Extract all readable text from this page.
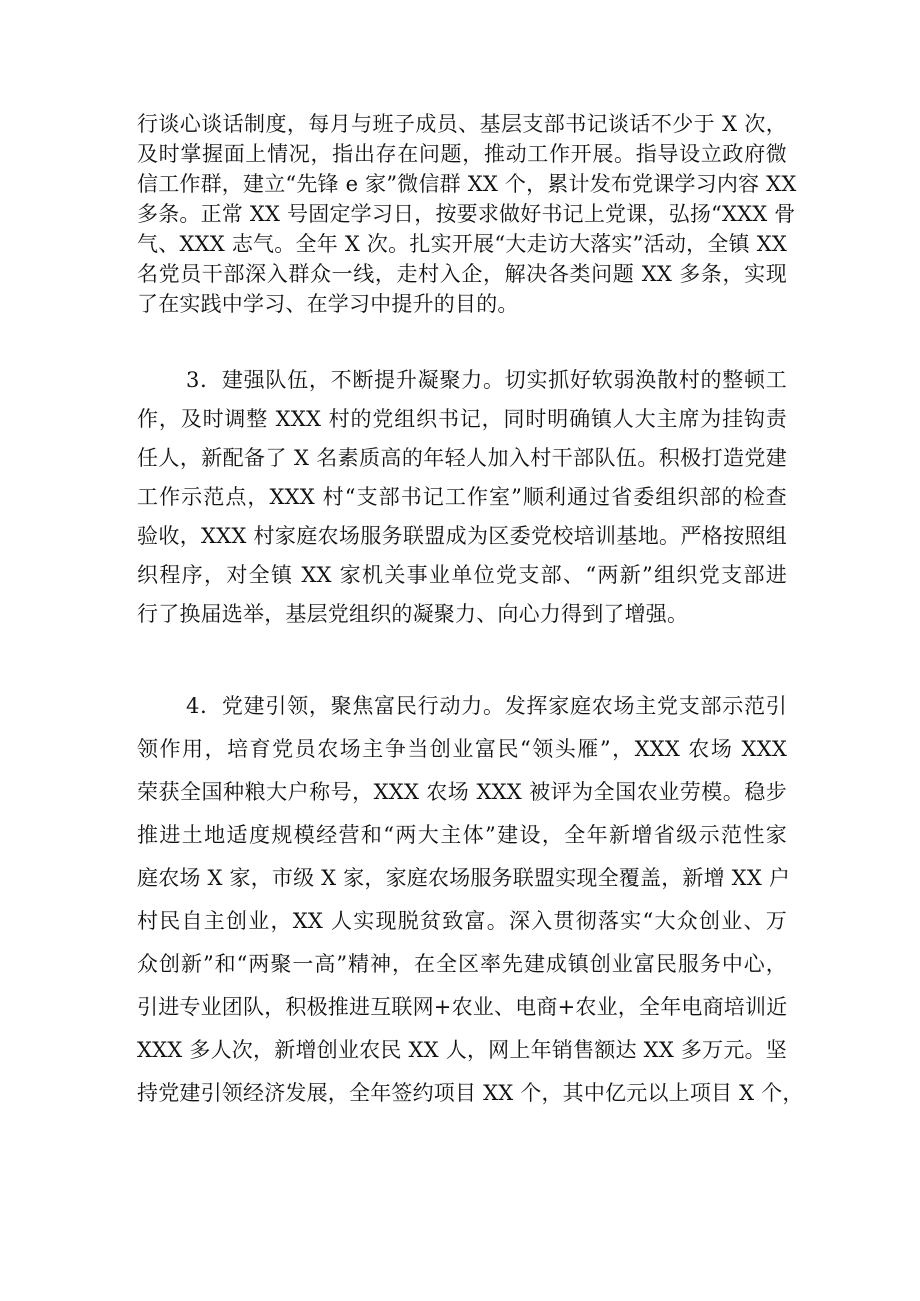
行谈心谈话制度，每月与班子成员、基层支部书记谈话不少于 X 次，
及时掌握面上情况，指出存在问题，推动工作开展。指导设立政府微
信工作群，建立“先锋 e 家”微信群 XX 个，累计发布党课学习内容 XX
多条。正常 XX 号固定学习日，按要求做好书记上党课，弘扬“XXX 骨
气、XXX 志气。全年 X 次。扎实开展“大走访大落实”活动，全镇 XX
名党员干部深入群众一线，走村入企，解决各类问题 XX 多条，实现
了在实践中学习、在学习中提升的目的。
3．建强队伍，不断提升凝聚力。切实抓好软弱涣散村的整顿工
作，及时调整 XXX 村的党组织书记，同时明确镇人大主席为挂钩责
任人，新配备了 X 名素质高的年轻人加入村干部队伍。积极打造党建
工作示范点，XXX 村“支部书记工作室”顺利通过省委组织部的检查
验收，XXX 村家庭农场服务联盟成为区委党校培训基地。严格按照组
织程序，对全镇 XX 家机关事业单位党支部、“两新”组织党支部进
行了换届选举，基层党组织的凝聚力、向心力得到了增强。
4．党建引领，聚焦富民行动力。发挥家庭农场主党支部示范引
领作用，培育党员农场主争当创业富民“领头雁”，XXX 农场 XXX
荣获全国种粮大户称号，XXX 农场 XXX 被评为全国农业劳模。稳步
推进土地适度规模经营和“两大主体”建设，全年新增省级示范性家
庭农场 X 家，市级 X 家，家庭农场服务联盟实现全覆盖，新增 XX 户
村民自主创业，XX 人实现脱贫致富。深入贯彻落实“大众创业、万
众创新”和“两聚一高”精神，在全区率先建成镇创业富民服务中心，
引进专业团队，积极推进互联网+农业、电商+农业，全年电商培训近
XXX 多人次，新增创业农民 XX 人，网上年销售额达 XX 多万元。坚
持党建引领经济发展，全年签约项目 XX 个，其中亿元以上项目 X 个，
